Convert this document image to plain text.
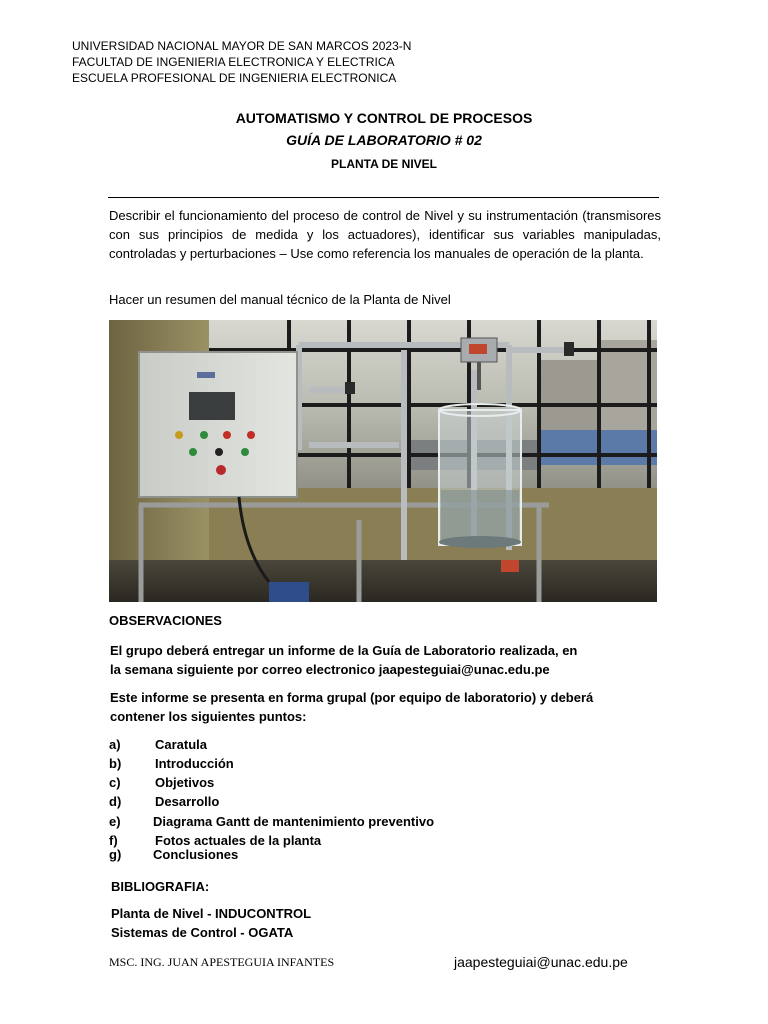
UNIVERSIDAD NACIONAL MAYOR DE SAN MARCOS 2023-N
FACULTAD DE INGENIERIA ELECTRONICA Y ELECTRICA
ESCUELA PROFESIONAL DE INGENIERIA ELECTRONICA
AUTOMATISMO Y CONTROL DE PROCESOS
GUÍA DE LABORATORIO # 02
PLANTA DE NIVEL
Describir el funcionamiento del proceso de control de Nivel y su instrumentación (transmisores con sus principios de medida y los actuadores), identificar sus variables manipuladas, controladas y perturbaciones – Use como referencia los manuales de operación de la planta.
Hacer un resumen del manual técnico de la Planta de Nivel
OBSERVACIONES
El grupo deberá entregar un informe de la Guía de Laboratorio realizada, en
la semana siguiente por correo electronico jaapesteguiai@unac.edu.pe
Este informe se presenta en forma grupal (por equipo de laboratorio) y deberá
contener los siguientes puntos:
a)	Caratula
b)	Introducción
c)	Objetivos
d)	Desarrollo
e) Diagrama Gantt de mantenimiento preventivo
f)	Fotos actuales de la planta
g) Conclusiones
BIBLIOGRAFIA:
Planta de Nivel - INDUCONTROL
Sistemas de Control - OGATA
MSC. ING. JUAN APESTEGUIA INFANTES	jaapesteguiai@unac.edu.pe
